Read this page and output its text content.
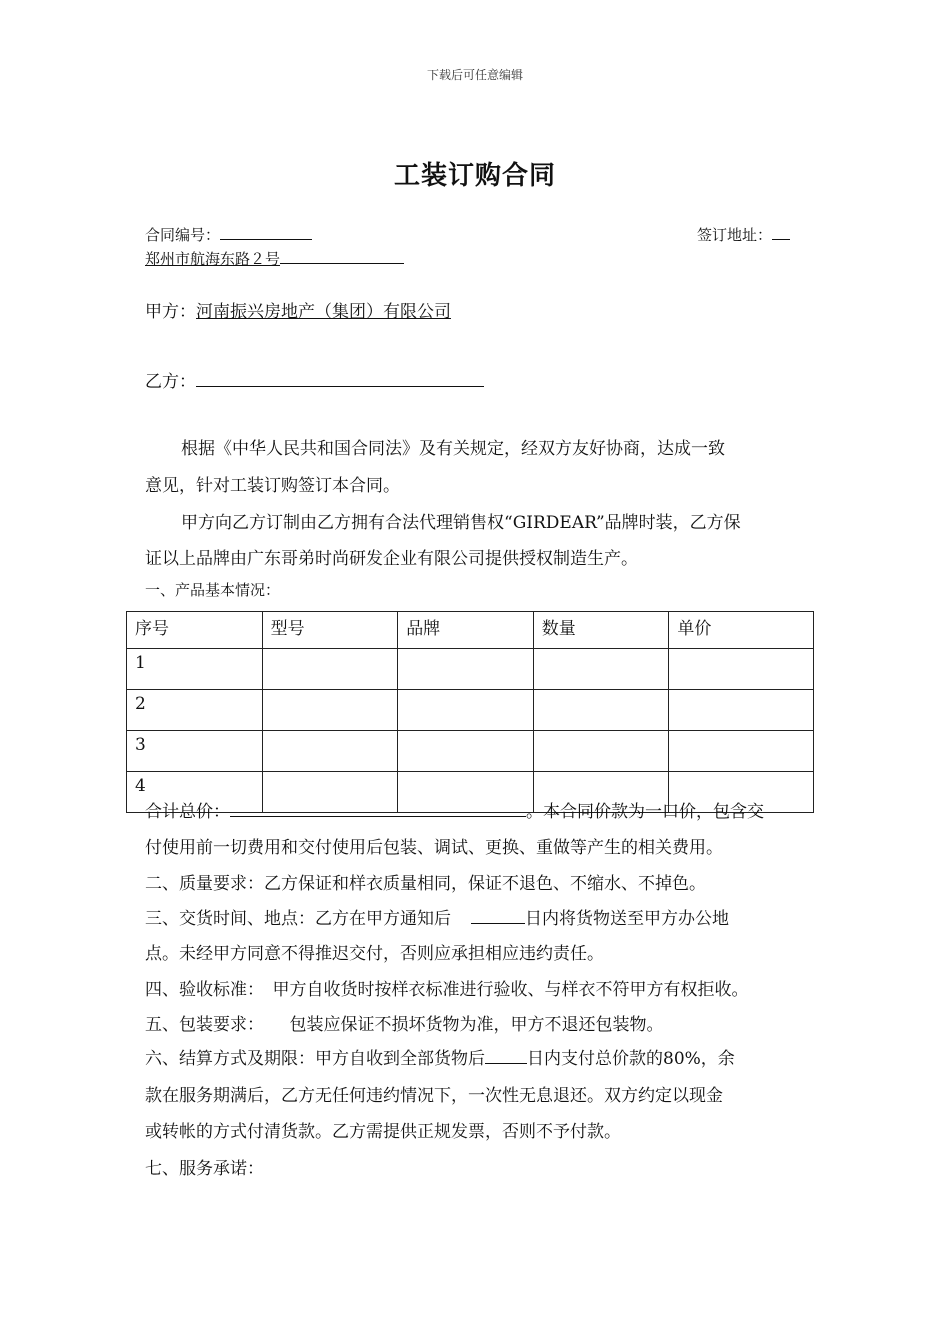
下载后可任意编辑
工装订购合同
合同编号：	签订地址：
郑州市航海东路２号
甲方：河南振兴房地产（集团）有限公司
乙方：
根据《中华人民共和国合同法》及有关规定，经双方友好协商，达成一致
意见，针对工装订购签订本合同。
甲方向乙方订制由乙方拥有合法代理销售权“GIRDEAR”品牌时装，乙方保
证以上品牌由广东哥弟时尚研发企业有限公司提供授权制造生产。
一、产品基本情况：
序号	型号	品牌	数量	单价
1				
2				
3				
4				
合计总价：	。本合同价款为一口价，包含交
付使用前一切费用和交付使用后包装、调试、更换、重做等产生的相关费用。
二、质量要求：乙方保证和样衣质量相同，保证不退色、不缩水、不掉色。
三、交货时间、地点：乙方在甲方通知后	日内将货物送至甲方办公地
点。未经甲方同意不得推迟交付，否则应承担相应违约责任。
四、验收标准：　甲方自收货时按样衣标准进行验收、与样衣不符甲方有权拒收。
五、包装要求：　　包装应保证不损坏货物为准，甲方不退还包装物。
六、结算方式及期限：甲方自收到全部货物后 日内支付总价款的80%，余
款在服务期满后，乙方无任何违约情况下，一次性无息退还。双方约定以现金
或转帐的方式付清货款。乙方需提供正规发票，否则不予付款。
七、服务承诺：
